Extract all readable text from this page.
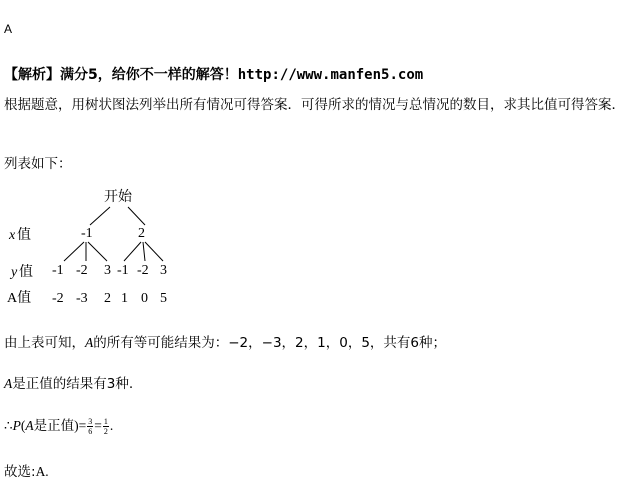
A
【解析】满分5，给你不一样的解答！http://www.manfen5.com
根据题意，用树状图法列举出所有情况可得答案．可得所求的情况与总情况的数目，求其比值可得答案．
列表如下：
开始
x 值	-1	2
y 值 -1 -2 3 -1 -2 3
A值 -2 -3 2 1 0 5
由上表可知，A的所有等可能结果为：−2，−3，2，1，0，5，共有6种；
A是正值的结果有3种.
∴P(A是正值)= $\frac{3}{6} = \frac{1}{2}$ .
故选:A.
